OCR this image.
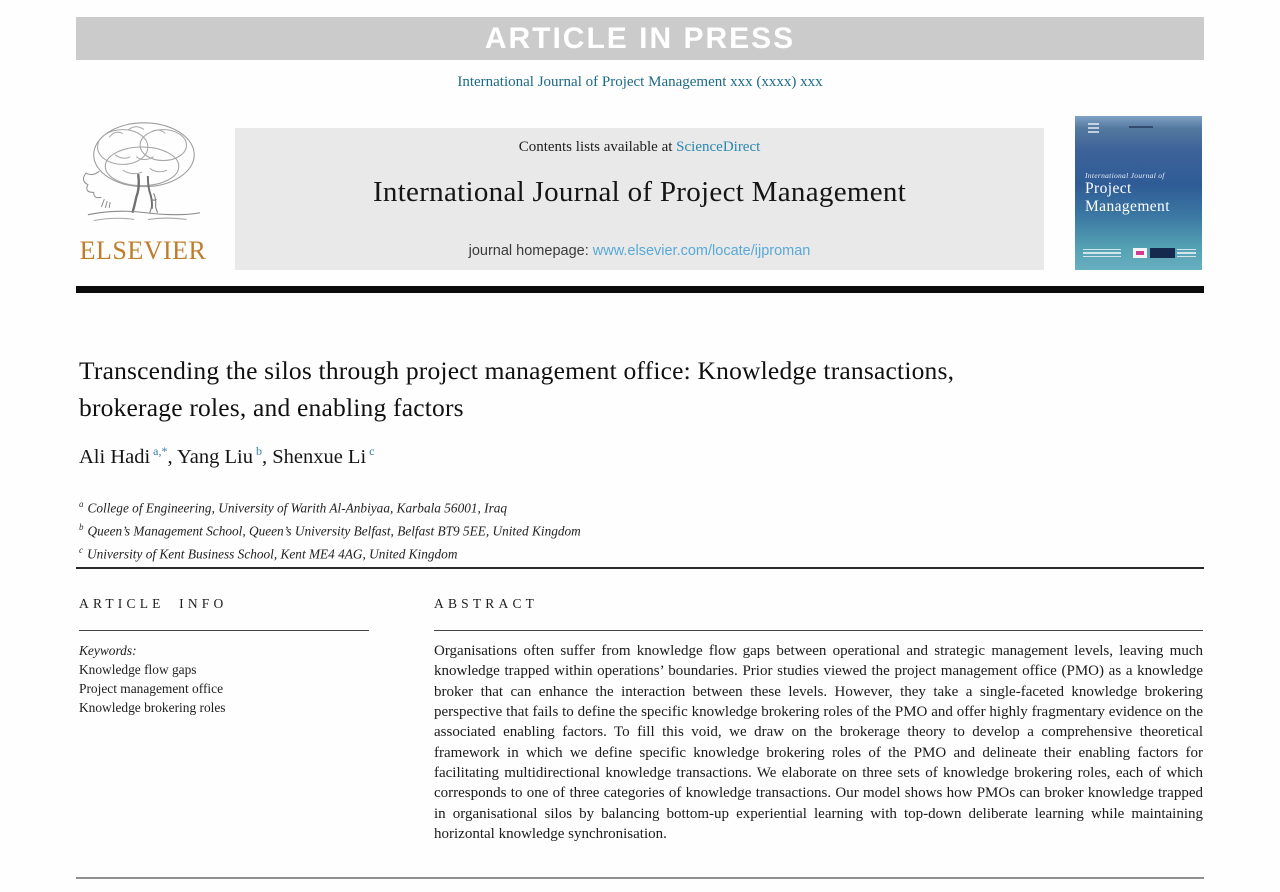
ARTICLE IN PRESS
International Journal of Project Management xxx (xxxx) xxx
ELSEVIER
Contents lists available at ScienceDirect
International Journal of Project Management
journal homepage: www.elsevier.com/locate/ijproman
International Journal of
Project
Management
Transcending the silos through project management office: Knowledge transactions, brokerage roles, and enabling factors
Ali Hadi $^{a,*}$, Yang Liu $^b$, Shenxue Li $^c$
$^a$ College of Engineering, University of Warith Al-Anbiyaa, Karbala 56001, Iraq
$^b$ Queen’s Management School, Queen’s University Belfast, Belfast BT9 5EE, United Kingdom
$^c$ University of Kent Business School, Kent ME4 4AG, United Kingdom
ARTICLE INFO
Keywords:
Knowledge flow gaps
Project management office
Knowledge brokering roles
ABSTRACT

Organisations often suffer from knowledge flow gaps between operational and strategic management levels, leaving much knowledge trapped within operations’ boundaries. Prior studies viewed the project management office (PMO) as a knowledge broker that can enhance the interaction between these levels. However, they take a single-faceted knowledge brokering perspective that fails to define the specific knowledge brokering roles of the PMO and offer highly fragmentary evidence on the associated enabling factors. To fill this void, we draw on the brokerage theory to develop a comprehensive theoretical framework in which we define specific knowledge brokering roles of the PMO and delineate their enabling factors for facilitating multidirectional knowledge transactions. We elaborate on three sets of knowledge brokering roles, each of which corresponds to one of three categories of knowledge transactions. Our model shows how PMOs can broker knowledge trapped in organisational silos by balancing bottom-up experiential learning with top-down deliberate learning while maintaining horizontal knowledge synchronisation.
